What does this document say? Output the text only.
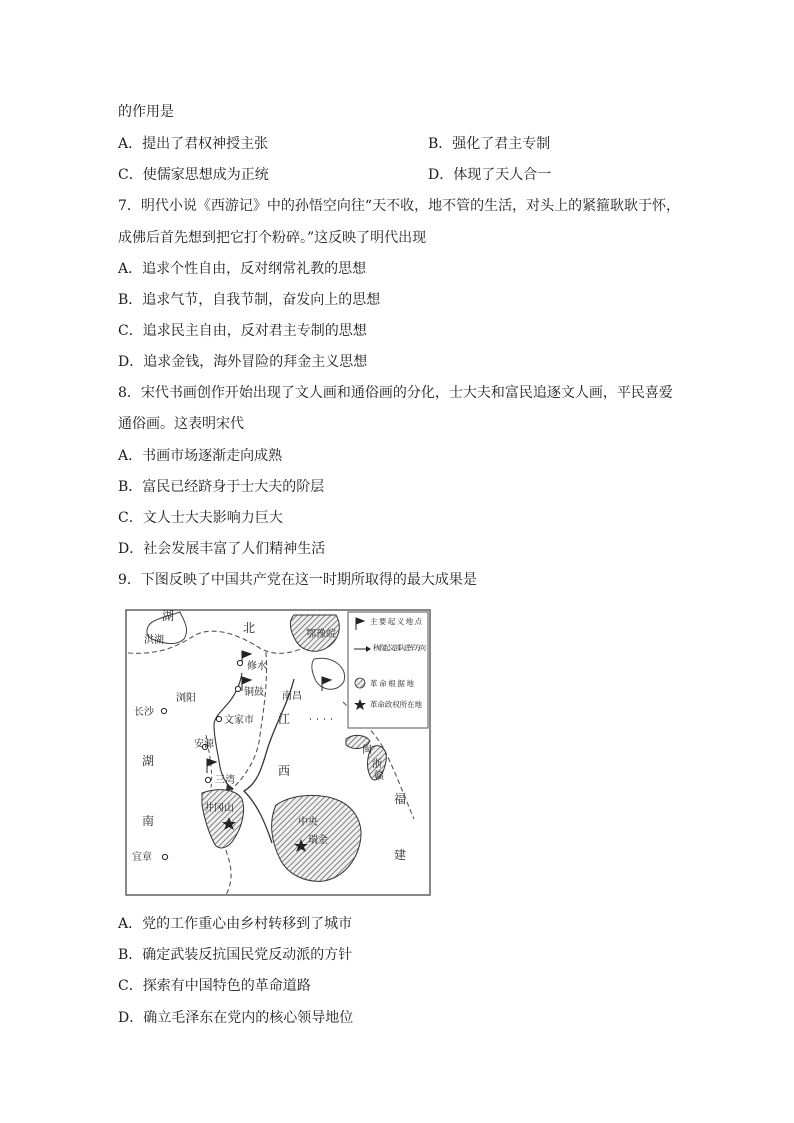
的作用是
A．提出了君权神授主张	B．强化了君主专制
C．使儒家思想成为正统	D．体现了天人合一
7．明代小说《西游记》中的孙悟空向往“天不收，地不管的生活，对头上的紧箍耿耿于怀，
成佛后首先想到把它打个粉碎。”这反映了明代出现
A．追求个性自由，反对纲常礼教的思想
B．追求气节，自我节制，奋发向上的思想
C．追求民主自由，反对君主专制的思想
D．追求金钱，海外冒险的拜金主义思想
8．宋代书画创作开始出现了文人画和通俗画的分化，士大夫和富民追逐文人画，平民喜爱
通俗画。这表明宋代
A．书画市场逐渐走向成熟
B．富民已经跻身于士大夫的阶层
C．文人士大夫影响力巨大
D．社会发展丰富了人们精神生活
9．下图反映了中国共产党在这一时期所取得的最大成果是
湖
北	鄂豫皖
洪湖
修水
浏阳
铜鼓 南昌
长沙
文家市 江
安源
湖
西
三湾
闽
浙
赣
井冈山
福
中央
瑞金
南
宜章	建
主要起义地点
秋收起义部队进军方向
革命根据地
革命政权所在地
A．党的工作重心由乡村转移到了城市
B．确定武装反抗国民党反动派的方针
C．探索有中国特色的革命道路
D．确立毛泽东在党内的核心领导地位
